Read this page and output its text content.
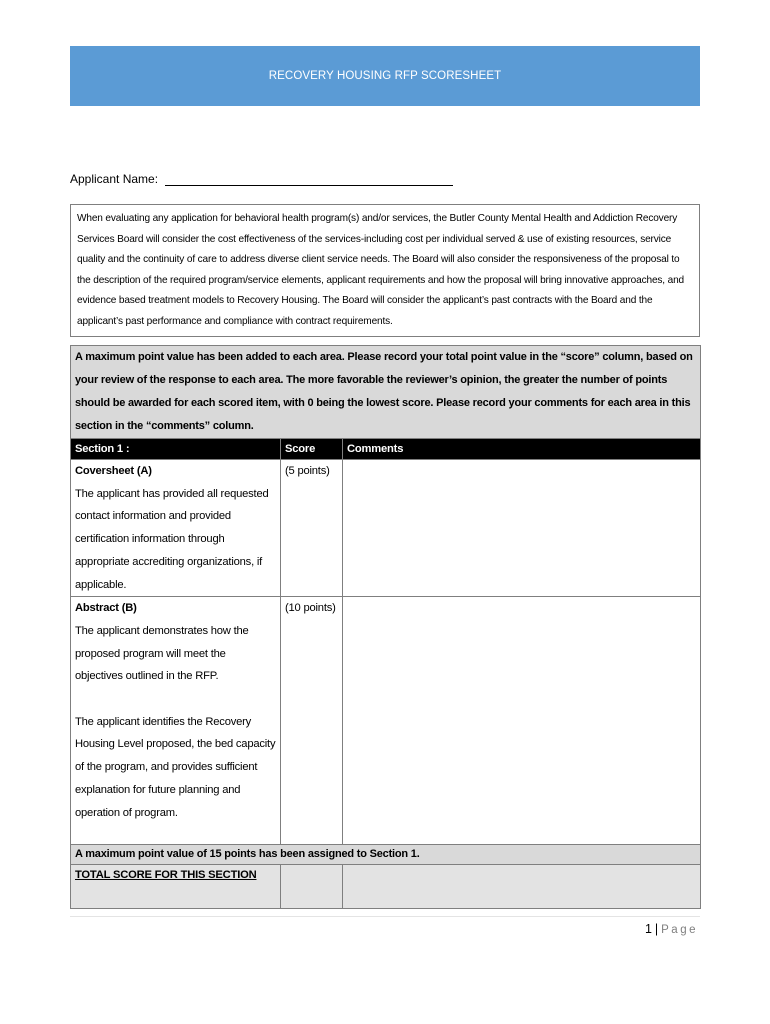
RECOVERY HOUSING RFP SCORESHEET
Applicant Name:
When evaluating any application for behavioral health program(s) and/or services, the Butler County Mental Health and Addiction Recovery Services Board will consider the cost effectiveness of the services-including cost per individual served & use of existing resources, service quality and the continuity of care to address diverse client service needs. The Board will also consider the responsiveness of the proposal to the description of the required program/service elements, applicant requirements and how the proposal will bring innovative approaches, and evidence based treatment models to Recovery Housing. The Board will consider the applicant’s past contracts with the Board and the applicant’s past performance and compliance with contract requirements.
A maximum point value has been added to each area. Please record your total point value in the “score” column, based on your review of the response to each area. The more favorable the reviewer’s opinion, the greater the number of points should be awarded for each scored item, with 0 being the lowest score. Please record your comments for each area in this section in the “comments” column.		
Section 1 :	Score	Comments

Coversheet (A)
The applicant has provided all requested contact information and provided certification information through appropriate accrediting organizations, if applicable.	(5 points)	

Abstract (B)
The applicant demonstrates how the proposed program will meet the objectives outlined in the RFP.
The applicant identifies the Recovery Housing Level proposed, the bed capacity of the program, and provides sufficient explanation for future planning and operation of program.	(10 points)	
A maximum point value of 15 points has been assigned to Section 1.		
TOTAL SCORE FOR THIS SECTION		
1 | Page
